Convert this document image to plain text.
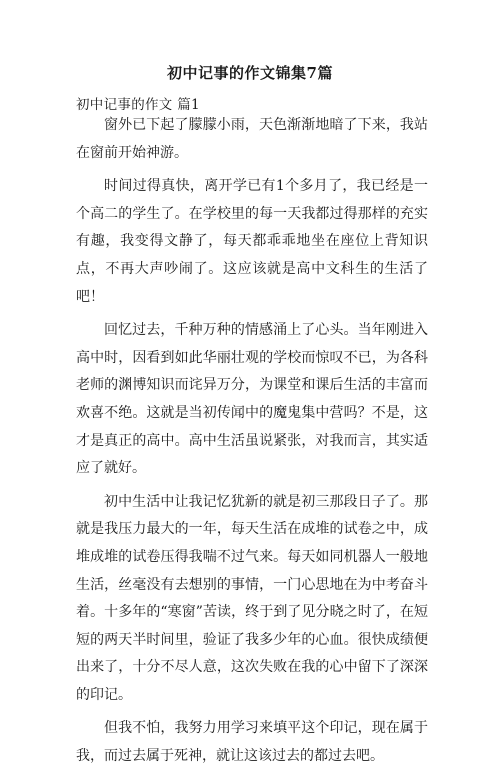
初中记事的作文锦集7篇
初中记事的作文 篇1

窗外已下起了朦朦小雨，天色渐渐地暗了下来，我站在窗前开始神游。

时间过得真快，离开学已有1个多月了，我已经是一个高二的学生了。在学校里的每一天我都过得那样的充实有趣，我变得文静了，每天都乖乖地坐在座位上背知识点，不再大声吵闹了。这应该就是高中文科生的生活了吧！

回忆过去，千种万种的情感涌上了心头。当年刚进入高中时，因看到如此华丽壮观的学校而惊叹不已，为各科老师的渊博知识而诧异万分，为课堂和课后生活的丰富而欢喜不绝。这就是当初传闻中的魔鬼集中营吗？不是，这才是真正的高中。高中生活虽说紧张，对我而言，其实适应了就好。

初中生活中让我记忆犹新的就是初三那段日子了。那就是我压力最大的一年，每天生活在成堆的试卷之中，成堆成堆的试卷压得我喘不过气来。每天如同机器人一般地生活，丝毫没有去想别的事情，一门心思地在为中考奋斗着。十多年的“寒窗”苦读，终于到了见分晓之时了，在短短的两天半时间里，验证了我多少年的心血。很快成绩便出来了，十分不尽人意，这次失败在我的心中留下了深深的印记。

但我不怕，我努力用学习来填平这个印记，现在属于我，而过去属于死神，就让这该过去的都过去吧。
